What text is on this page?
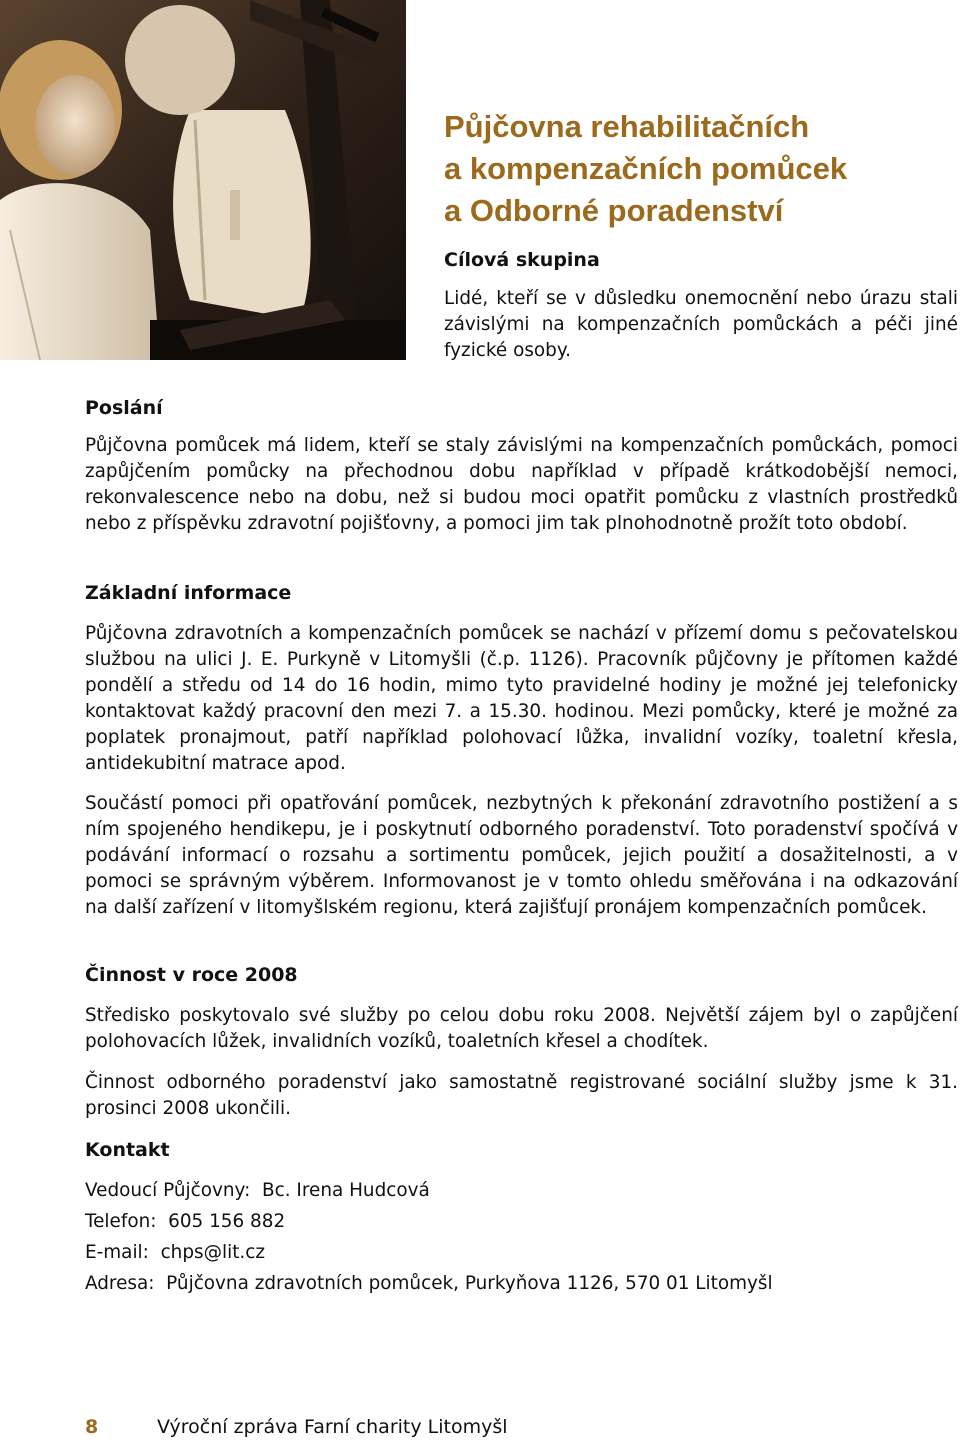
Půjčovna rehabilitačních
a kompenzačních pomůcek
a Odborné poradenství
Cílová skupina

Lidé, kteří se v důsledku onemocnění nebo úrazu stali závislými na kompenzačních pomůckách a péči jiné fyzické osoby.

Poslání

Půjčovna pomůcek má lidem, kteří se staly závislými na kompenzačních pomůckách, pomoci zapůjčením pomůcky na přechodnou dobu například v případě krátkodobější nemoci, rekonvalescence nebo na dobu, než si budou moci opatřit pomůcku z vlastních prostředků nebo z příspěvku zdravotní pojišťovny, a pomoci jim tak plnohodnotně prožít toto období.

Základní informace

Půjčovna zdravotních a kompenzačních pomůcek se nachází v přízemí domu s pečovatelskou službou na ulici J. E. Purkyně v Litomyšli (č.p. 1126). Pracovník půjčovny je přítomen každé pondělí a středu od 14 do 16 hodin, mimo tyto pravidelné hodiny je možné jej telefonicky kontaktovat každý pracovní den mezi 7. a 15.30. hodinou. Mezi pomůcky, které je možné za poplatek pronajmout, patří například polohovací lůžka, invalidní vozíky, toaletní křesla, antidekubitní matrace apod.

Součástí pomoci při opatřování pomůcek, nezbytných k překonání zdravotního postižení a s ním spojeného hendikepu, je i poskytnutí odborného poradenství. Toto poradenství spočívá v podávání informací o rozsahu a sortimentu pomůcek, jejich použití a dosažitelnosti, a v pomoci se správným výběrem. Informovanost je v tomto ohledu směřována i na odkazování na další zařízení v litomyšlském regionu, která zajišťují pronájem kompenzačních pomůcek.

Činnost v roce 2008

Středisko poskytovalo své služby po celou dobu roku 2008. Největší zájem byl o zapůjčení polohovacích lůžek, invalidních vozíků, toaletních křesel a chodítek.

Činnost odborného poradenství jako samostatně registrované sociální služby jsme k 31. prosinci 2008 ukončili.

Kontakt
Vedoucí Půjčovny: Bc. Irena Hudcová
Telefon: 605 156 882
E-mail: chps@lit.cz
Adresa: Půjčovna zdravotních pomůcek, Purkyňova 1126, 570 01 Litomyšl
8	Výroční zpráva Farní charity Litomyšl
